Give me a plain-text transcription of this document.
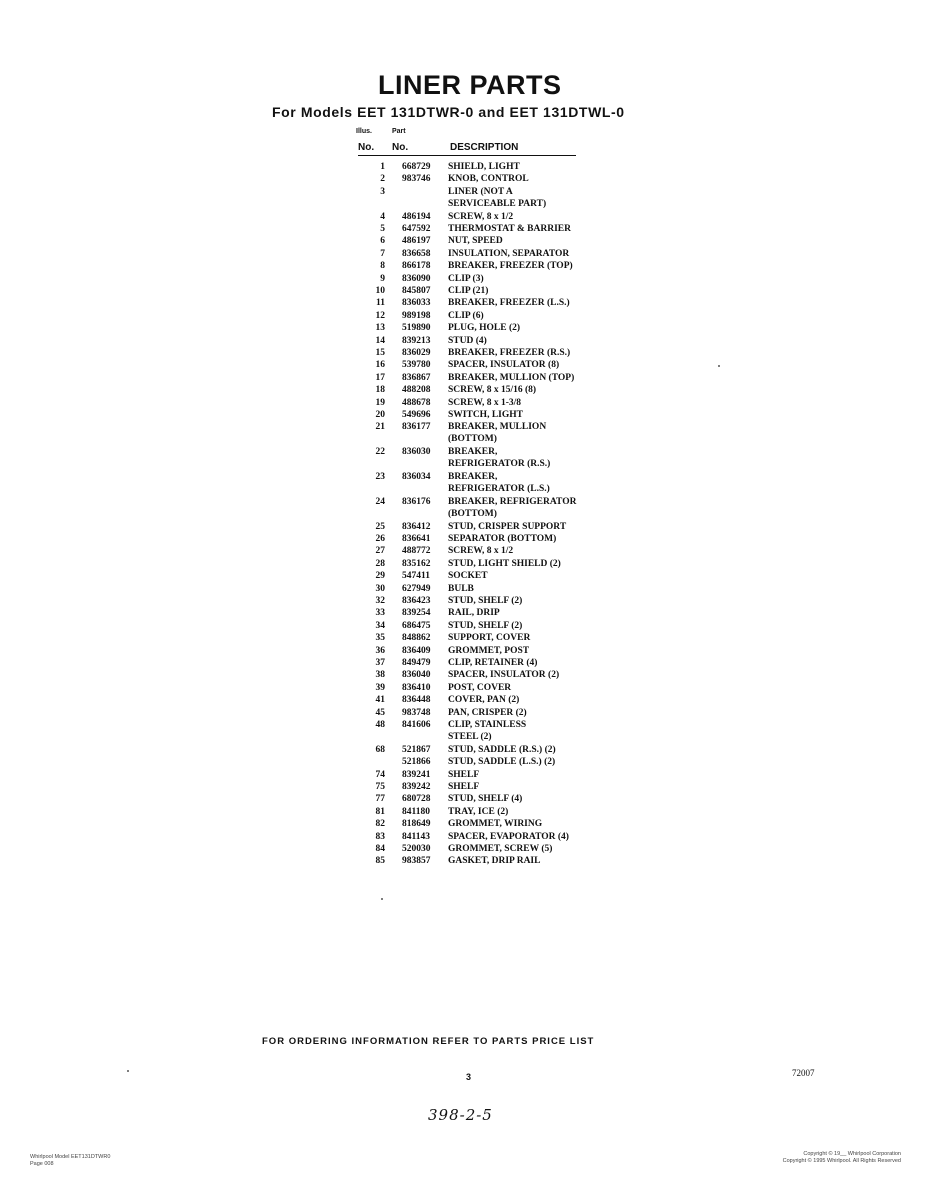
LINER PARTS
For Models EET 131DTWR-0 and EET 131DTWL-0
Illus.	Part
No. No.	DESCRIPTION
1 668729 SHIELD, LIGHT
2 983746 KNOB, CONTROL
3	LINER (NOT A
SERVICEABLE PART)
4 486194 SCREW, 8 x 1/2
5 647592 THERMOSTAT & BARRIER
6 486197 NUT, SPEED
7 836658 INSULATION, SEPARATOR
8 866178 BREAKER, FREEZER (TOP)
9 836090 CLIP (3)
10 845807 CLIP (21)
11 836033 BREAKER, FREEZER (L.S.)
12 989198 CLIP (6)
13 519890 PLUG, HOLE (2)
14 839213 STUD (4)
15 836029 BREAKER, FREEZER (R.S.)
16 539780 SPACER, INSULATOR (8)
17 836867 BREAKER, MULLION (TOP)
18 488208 SCREW, 8 x 15/16 (8)
19 488678 SCREW, 8 x 1-3/8
20 549696 SWITCH, LIGHT
21 836177 BREAKER, MULLION
(BOTTOM)
22 836030 BREAKER,
REFRIGERATOR (R.S.)
23 836034 BREAKER,
REFRIGERATOR (L.S.)
24 836176 BREAKER, REFRIGERATOR
(BOTTOM)
25 836412 STUD, CRISPER SUPPORT
26 836641 SEPARATOR (BOTTOM)
27 488772 SCREW, 8 x 1/2
28 835162 STUD, LIGHT SHIELD (2)
29 547411 SOCKET
30 627949 BULB
32 836423 STUD, SHELF (2)
33 839254 RAIL, DRIP
34 686475 STUD, SHELF (2)
35 848862 SUPPORT, COVER
36 836409 GROMMET, POST
37 849479 CLIP, RETAINER (4)
38 836040 SPACER, INSULATOR (2)
39 836410 POST, COVER
41 836448 COVER, PAN (2)
45 983748 PAN, CRISPER (2)
48 841606 CLIP, STAINLESS
STEEL (2)
68 521867 STUD, SADDLE (R.S.) (2)
521866 STUD, SADDLE (L.S.) (2)
74 839241 SHELF
75 839242 SHELF
77 680728 STUD, SHELF (4)
81 841180 TRAY, ICE (2)
82 818649 GROMMET, WIRING
83 841143 SPACER, EVAPORATOR (4)
84 520030 GROMMET, SCREW (5)
85 983857 GASKET, DRIP RAIL
FOR ORDERING INFORMATION REFER TO PARTS PRICE LIST
3	72007
398-2-5
Whirlpool Model EET131DTWR0
Page 008
Copyright © 19__ Whirlpool Corporation
Copyright © 1995 Whirlpool. All Rights Reserved
